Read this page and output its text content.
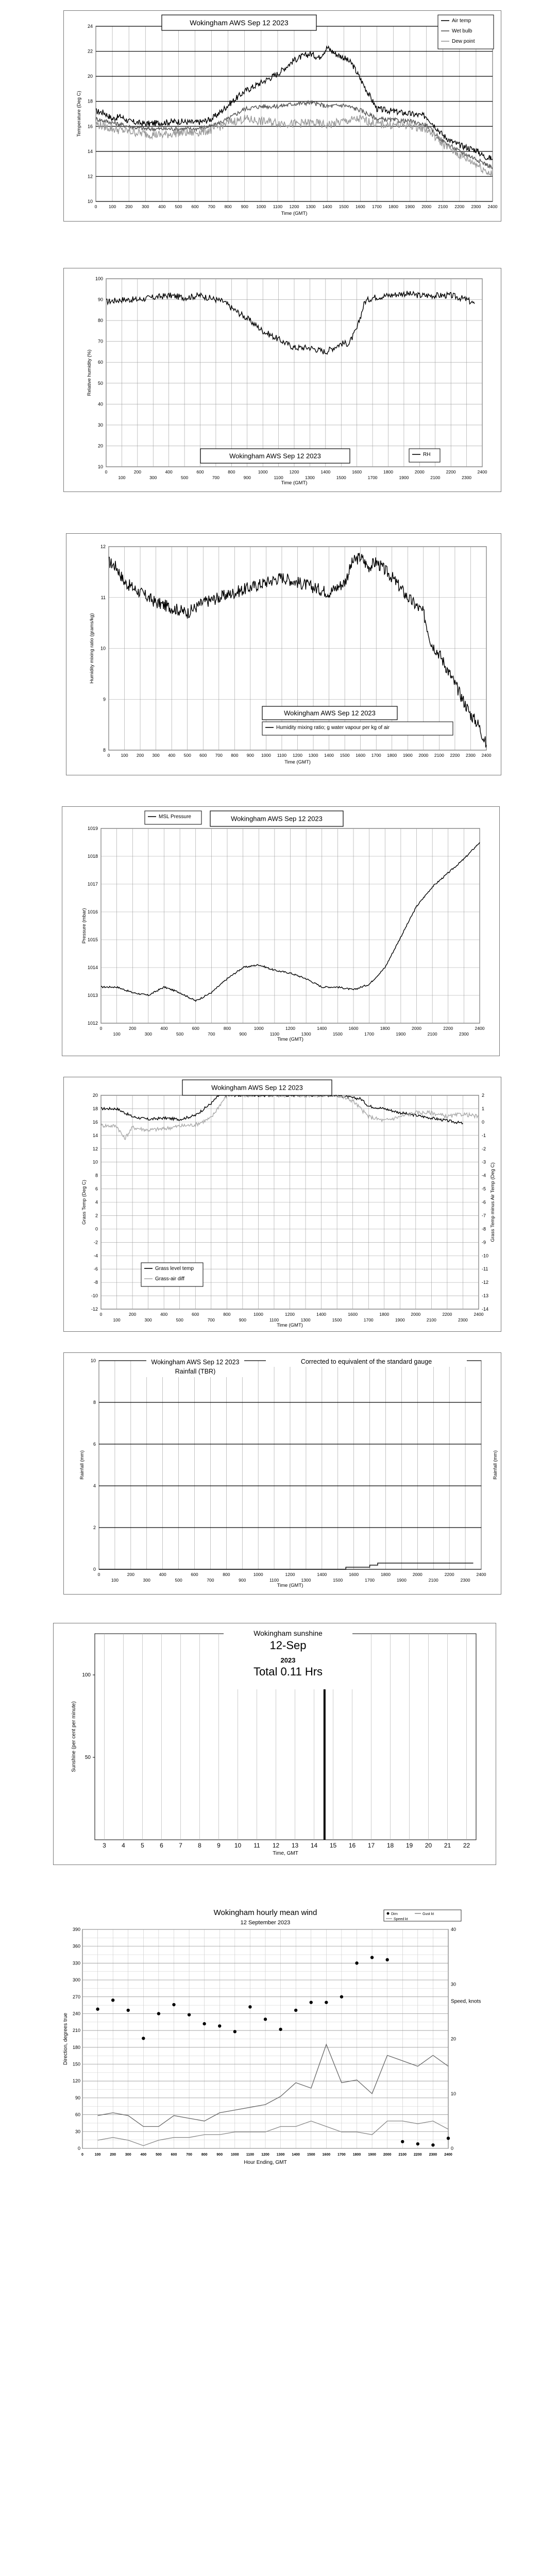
10
12
14
16
18
20
22
24
0	100 200 300 400 500 600 700 800 900 1000 1100 1200 1300 1400 1500 1600 1700 1800 1900 2000 2100 2200 2300 2400
Time (GMT)
Temperature (Deg C)
Wokingham AWS Sep 12 2023	Air temp
Wet bulb
Dew point
10
20
30
40
50
60
70
80
90
100
0	200	400	600	800	1000	1200	1400	1600	1800	2000	2200	2400
100	300	500	700	900	1100	1300	1500	1700	1900	2100	2300
Time (GMT)
Relative humidity (%)
Wokingham AWS Sep 12 2023	RH
8
9
10
11
12
0 100 200 300 400 500 600 700 800 900 1000 1100 1200 1300 1400 1500 1600 1700 1800 1900 2000 2100 2200 2300 2400
Time (GMT)
Humidity mixing ratio (grams/kg)
Wokingham AWS Sep 12 2023
Humidity mixing ratio; g water vapour per kg of air
1012
1013
1014
1015
1016
1017
1018
1019
0	200	400	600	800	1000	1200	1400	1600	1800	2000	2200	2400
100	300	500	700	900	1100	1300	1500	1700	1900	2100	2300
Time (GMT)
Pressure (mbar)
MSL Pressure	Wokingham AWS Sep 12 2023
-12	-14
-10	-13
-8	-12
-6	-11
-4	-10
-2	-9
0	-8
2	-7
4	-6
6	-5
8	-4
10	-3
12	-2
14	-1
16	0
18	1
20	2
0	200	400	600	800	1000	1200	1400	1600	1800	2000	2200	2400
100	300	500	700	900	1100	1300	1500	1700	1900	2100	2300
Time (GMT)
Grass Temp (Deg C)	Grass Temp minus Air Temp (Deg C)
Wokingham AWS Sep 12 2023
Grass level temp
Grass-air diff
0
2
4
6
8
10
0	200	400	600	800	1000	1200	1400	1600	1800	2000	2200	2400
100	300	500	700	900	1100	1300	1500	1700	1900	2100	2300
Time (GMT)
Rainfall (mm)	Rainfall (mm)
Wokingham AWS Sep 12 2023
Rainfall (TBR)
Corrected to equivalent of the standard gauge
3	4	5	6	7	8	9 10 11 12 13 14 15 16 17 18 19 20 21 22
50
100
Time, GMT
Sunshine (per cent per minute)
Wokingham sunshine
12-Sep
2023
Total 0.11 Hrs
Wokingham hourly mean wind
12 September 2023
Dirn	Gust kt
Speed kt
0
30
60
90
120
150
180
210
240
270
300
330
360
390
0
10
20
30
40
0	100	200	300	400	500	600	700	800	900 1000 1100 1200 1300 1400 1500 1600 1700 1800 1900 2000 2100 2200 2300 2400
Hour Ending, GMT
Direction, degrees true
Speed, knots
